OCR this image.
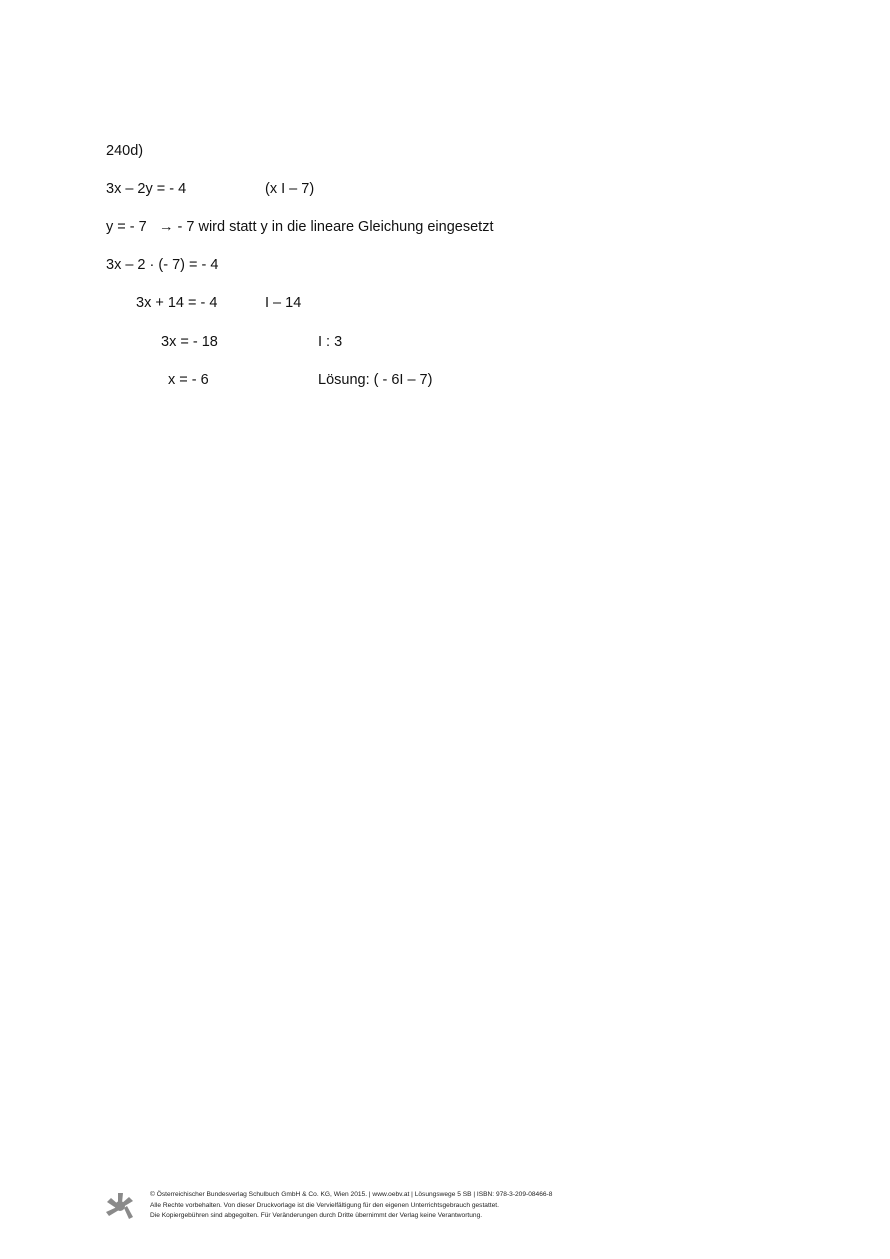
240d)
3x – 2y = - 4	(x I – 7)
y = - 7 → - 7 wird statt y in die lineare Gleichung eingesetzt
3x – 2 · (- 7) = - 4
3x + 14 = - 4	I – 14
3x = - 18	I : 3
x = - 6	Lösung: ( - 6I – 7)
© Österreichischer Bundesverlag Schulbuch GmbH & Co. KG, Wien 2015. | www.oebv.at | Lösungswege 5 SB | ISBN: 978-3-209-08466-8
Alle Rechte vorbehalten. Von dieser Druckvorlage ist die Vervielfältigung für den eigenen Unterrichtsgebrauch gestattet.
Die Kopiergebühren sind abgegolten. Für Veränderungen durch Dritte übernimmt der Verlag keine Verantwortung.
